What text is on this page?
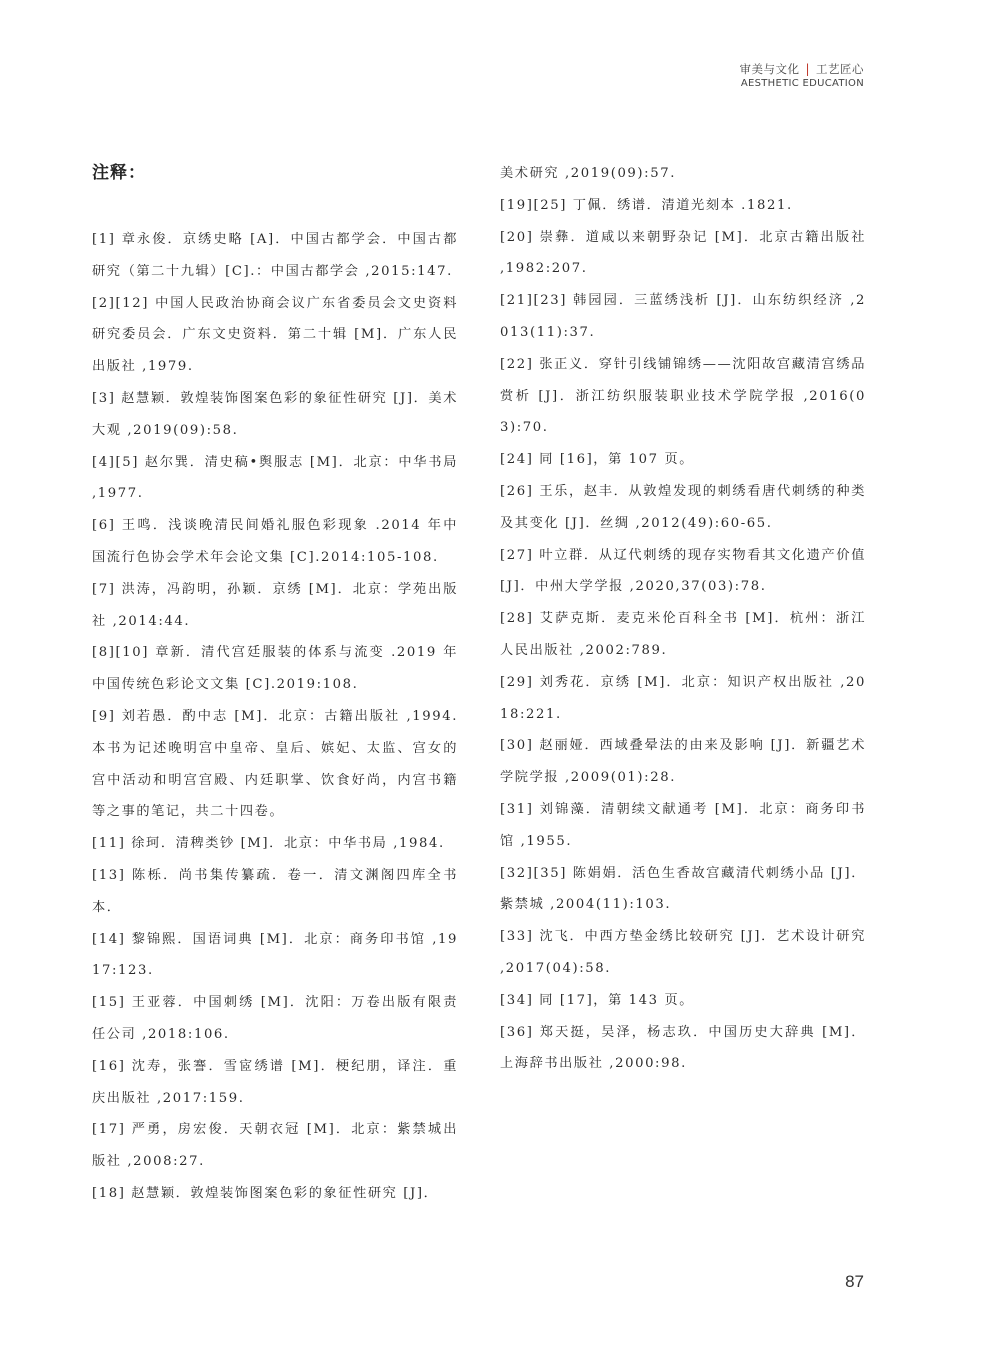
审美与文化 | 工艺匠心
AESTHETIC EDUCATION
注释：

[1] 章永俊．京绣史略 [A]．中国古都学会．中国古都研究（第二十九辑）[C].：中国古都学会 ,2015:147.

[2][12] 中国人民政治协商会议广东省委员会文史资料研究委员会．广东文史资料．第二十辑 [M]．广东人民出版社 ,1979.

[3] 赵慧颖．敦煌装饰图案色彩的象征性研究 [J]．美术大观 ,2019(09):58.

[4][5] 赵尔巽．清史稿•舆服志 [M]．北京：中华书局 ,1977.

[6] 王鸣．浅谈晚清民间婚礼服色彩现象 .2014 年中国流行色协会学术年会论文集 [C].2014:105-108.

[7] 洪涛，冯韵明，孙颖．京绣 [M]．北京：学苑出版社 ,2014:44.

[8][10] 章新．清代宫廷服装的体系与流变 .2019 年中国传统色彩论文文集 [C].2019:108.

[9] 刘若愚．酌中志 [M]．北京：古籍出版社 ,1994. 本书为记述晚明宫中皇帝、皇后、嫔妃、太监、宫女的宫中活动和明宫宫殿、内廷职掌、饮食好尚，内宫书籍等之事的笔记，共二十四卷。

[11] 徐珂．清稗类钞 [M]．北京：中华书局 ,1984.

[13] 陈栎．尚书集传纂疏．卷一．清文渊阁四库全书本．

[14] 黎锦熙．国语词典 [M]．北京：商务印书馆 ,1917:123.

[15] 王亚蓉．中国刺绣 [M]．沈阳：万卷出版有限责任公司 ,2018:106.

[16] 沈寿，张謇．雪宧绣谱 [M]．梗纪朋，译注．重庆出版社 ,2017:159.

[17] 严勇，房宏俊．天朝衣冠 [M]．北京：紫禁城出版社 ,2008:27.

[18] 赵慧颖．敦煌装饰图案色彩的象征性研究 [J]．

美术研究 ,2019(09):57.

[19][25] 丁佩．绣谱．清道光刻本 .1821.

[20] 崇彝．道咸以来朝野杂记 [M]．北京古籍出版社 ,1982:207.

[21][23] 韩园园．三蓝绣浅析 [J]．山东纺织经济 ,2013(11):37.

[22] 张正义．穿针引线铺锦绣——沈阳故宫藏清宫绣品赏析 [J]．浙江纺织服装职业技术学院学报 ,2016(03):70.

[24] 同 [16]，第 107 页。

[26] 王乐，赵丰．从敦煌发现的刺绣看唐代刺绣的种类及其变化 [J]．丝绸 ,2012(49):60-65.

[27] 叶立群．从辽代刺绣的现存实物看其文化遗产价值 [J]．中州大学学报 ,2020,37(03):78.

[28] 艾萨克斯．麦克米伦百科全书 [M]．杭州：浙江人民出版社 ,2002:789.

[29] 刘秀花．京绣 [M]．北京：知识产权出版社 ,2018:221.

[30] 赵丽娅．西域叠晕法的由来及影响 [J]．新疆艺术学院学报 ,2009(01):28.

[31] 刘锦藻．清朝续文献通考 [M]．北京：商务印书馆 ,1955.

[32][35] 陈娟娟．活色生香故宫藏清代刺绣小品 [J]．紫禁城 ,2004(11):103.

[33] 沈飞．中西方垫金绣比较研究 [J]．艺术设计研究 ,2017(04):58.

[34] 同 [17]，第 143 页。

[36] 郑天挺，吴泽，杨志玖．中国历史大辞典 [M]．上海辞书出版社 ,2000:98.

87
